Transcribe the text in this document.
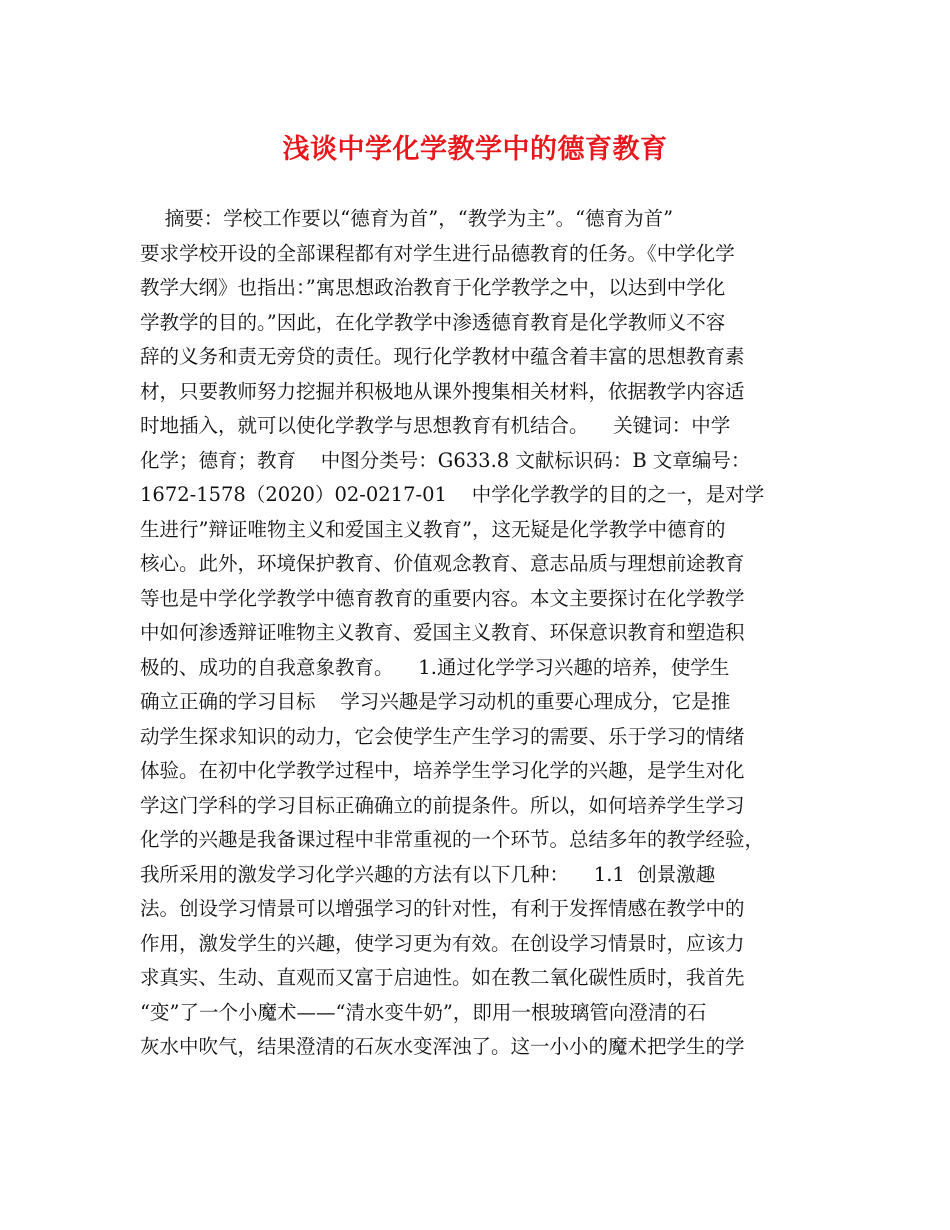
浅谈中学化学教学中的德育教育
摘要：学校工作要以“德育为首”，“教学为主”。“德育为首”
要求学校开设的全部课程都有对学生进行品德教育的任务。《中学化学
教学大纲》也指出：”寓思想政治教育于化学教学之中，以达到中学化
学教学的目的。”因此，在化学教学中渗透德育教育是化学教师义不容
辞的义务和责无旁贷的责任。现行化学教材中蕴含着丰富的思想教育素
材，只要教师努力挖掘并积极地从课外搜集相关材料，依据教学内容适
时地插入，就可以使化学教学与思想教育有机结合。    关键词：中学
化学；德育；教育    中图分类号：G633.8 文献标识码：B 文章编号：
1672-1578（2020）02-0217-01    中学化学教学的目的之一，是对学
生进行”辩证唯物主义和爱国主义教育”，这无疑是化学教学中德育的
核心。此外，环境保护教育、价值观念教育、意志品质与理想前途教育
等也是中学化学教学中德育教育的重要内容。本文主要探讨在化学教学
中如何渗透辩证唯物主义教育、爱国主义教育、环保意识教育和塑造积
极的、成功的自我意象教育。    1.通过化学学习兴趣的培养，使学生
确立正确的学习目标    学习兴趣是学习动机的重要心理成分，它是推
动学生探求知识的动力，它会使学生产生学习的需要、乐于学习的情绪
体验。在初中化学教学过程中，培养学生学习化学的兴趣，是学生对化
学这门学科的学习目标正确确立的前提条件。所以，如何培养学生学习
化学的兴趣是我备课过程中非常重视的一个环节。总结多年的教学经验，
我所采用的激发学习化学兴趣的方法有以下几种：    1.1  创景激趣
法。创设学习情景可以增强学习的针对性，有利于发挥情感在教学中的
作用，激发学生的兴趣，使学习更为有效。在创设学习情景时，应该力
求真实、生动、直观而又富于启迪性。如在教二氧化碳性质时，我首先
“变”了一个小魔术——“清水变牛奶”，即用一根玻璃管向澄清的石
灰水中吹气，结果澄清的石灰水变浑浊了。这一小小的魔术把学生的学
